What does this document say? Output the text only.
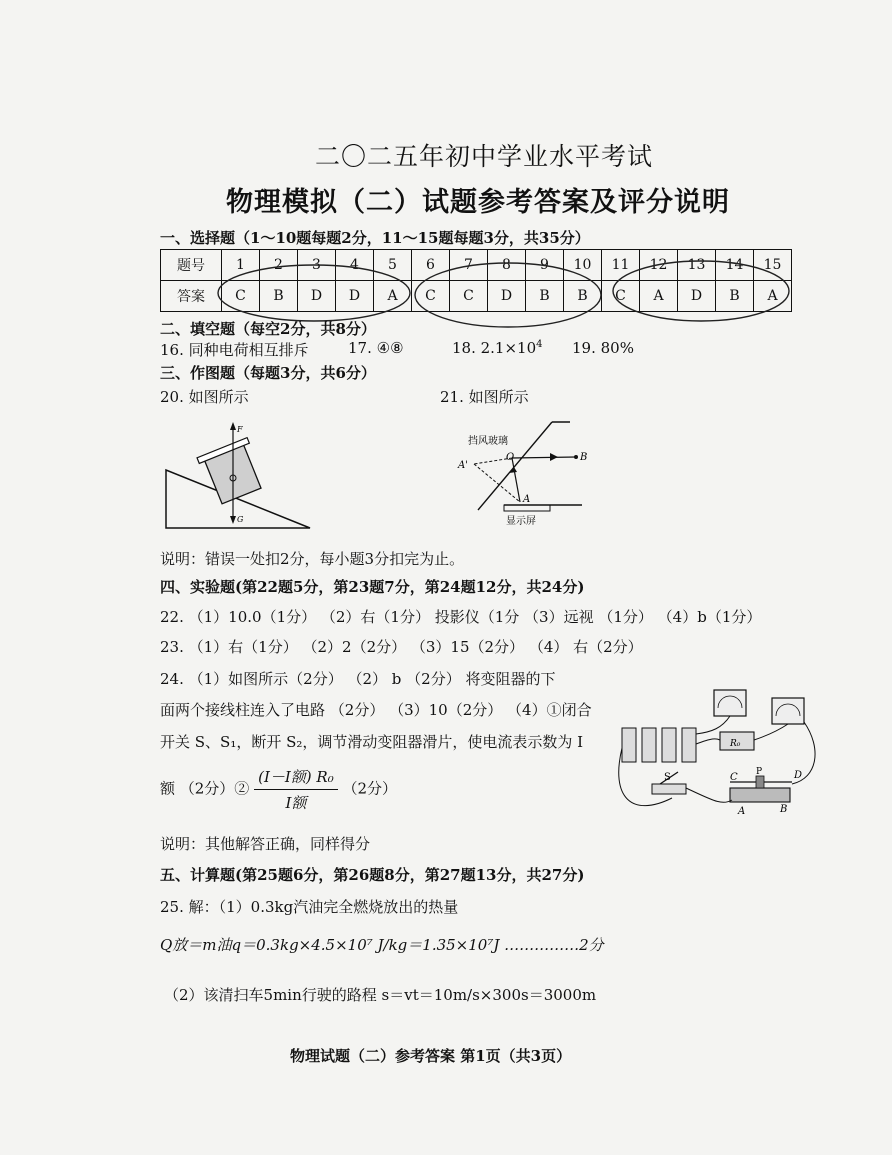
二〇二五年初中学业水平考试
物理模拟（二）试题参考答案及评分说明
一、选择题（1～10题每题2分，11～15题每题3分，共35分）
题号	1	2	3	4	5	6	7	8	9	10	11	12	13	14	15
答案	C	B	D	D	A	C	C	D	B	B	C	A	D	B	A
二、填空题（每空2分，共8分）
16. 同种电荷相互排斥	17. ④⑧	18. $2.1\times 10^4$ 19. 80%
三、作图题（每题3分，共6分）
20. 如图所示	21. 如图所示
F
G
挡风玻璃
O
A'
B
A
显示屏
说明：错误一处扣2分，每小题3分扣完为止。
四、实验题(第22题5分，第23题7分，第24题12分，共24分)
22. （1）10.0（1分） （2）右（1分） 投影仪（1分 （3）远视 （1分） （4）b（1分）
23. （1）右（1分） （2）2（2分） （3）15（2分） （4） 右（2分）
24. （1）如图所示（2分） （2） b （2分） 将变阻器的下
面两个接线柱连入了电路 （2分） （3）10（2分） （4）①闭合
开关 S、S₁，断开 S₂，调节滑动变阻器滑片，使电流表示数为 I
额 （2分）② $\frac{\text{(I－I额) R₀}}{\text{I额}} (2$分）
S	C P	D
A	B
R₀
说明：其他解答正确，同样得分
五、计算题(第25题6分，第26题8分，第27题13分，共27分)
25. 解：（1）0.3kg汽油完全燃烧放出的热量
Q放＝m油q＝0.3kg×4.5×10⁷ J/kg＝1.35×10⁷J ……………2分
（2）该清扫车5min行驶的路程 s＝vt＝10m/s×300s＝3000m
物理试题（二）参考答案 第1页（共3页）
